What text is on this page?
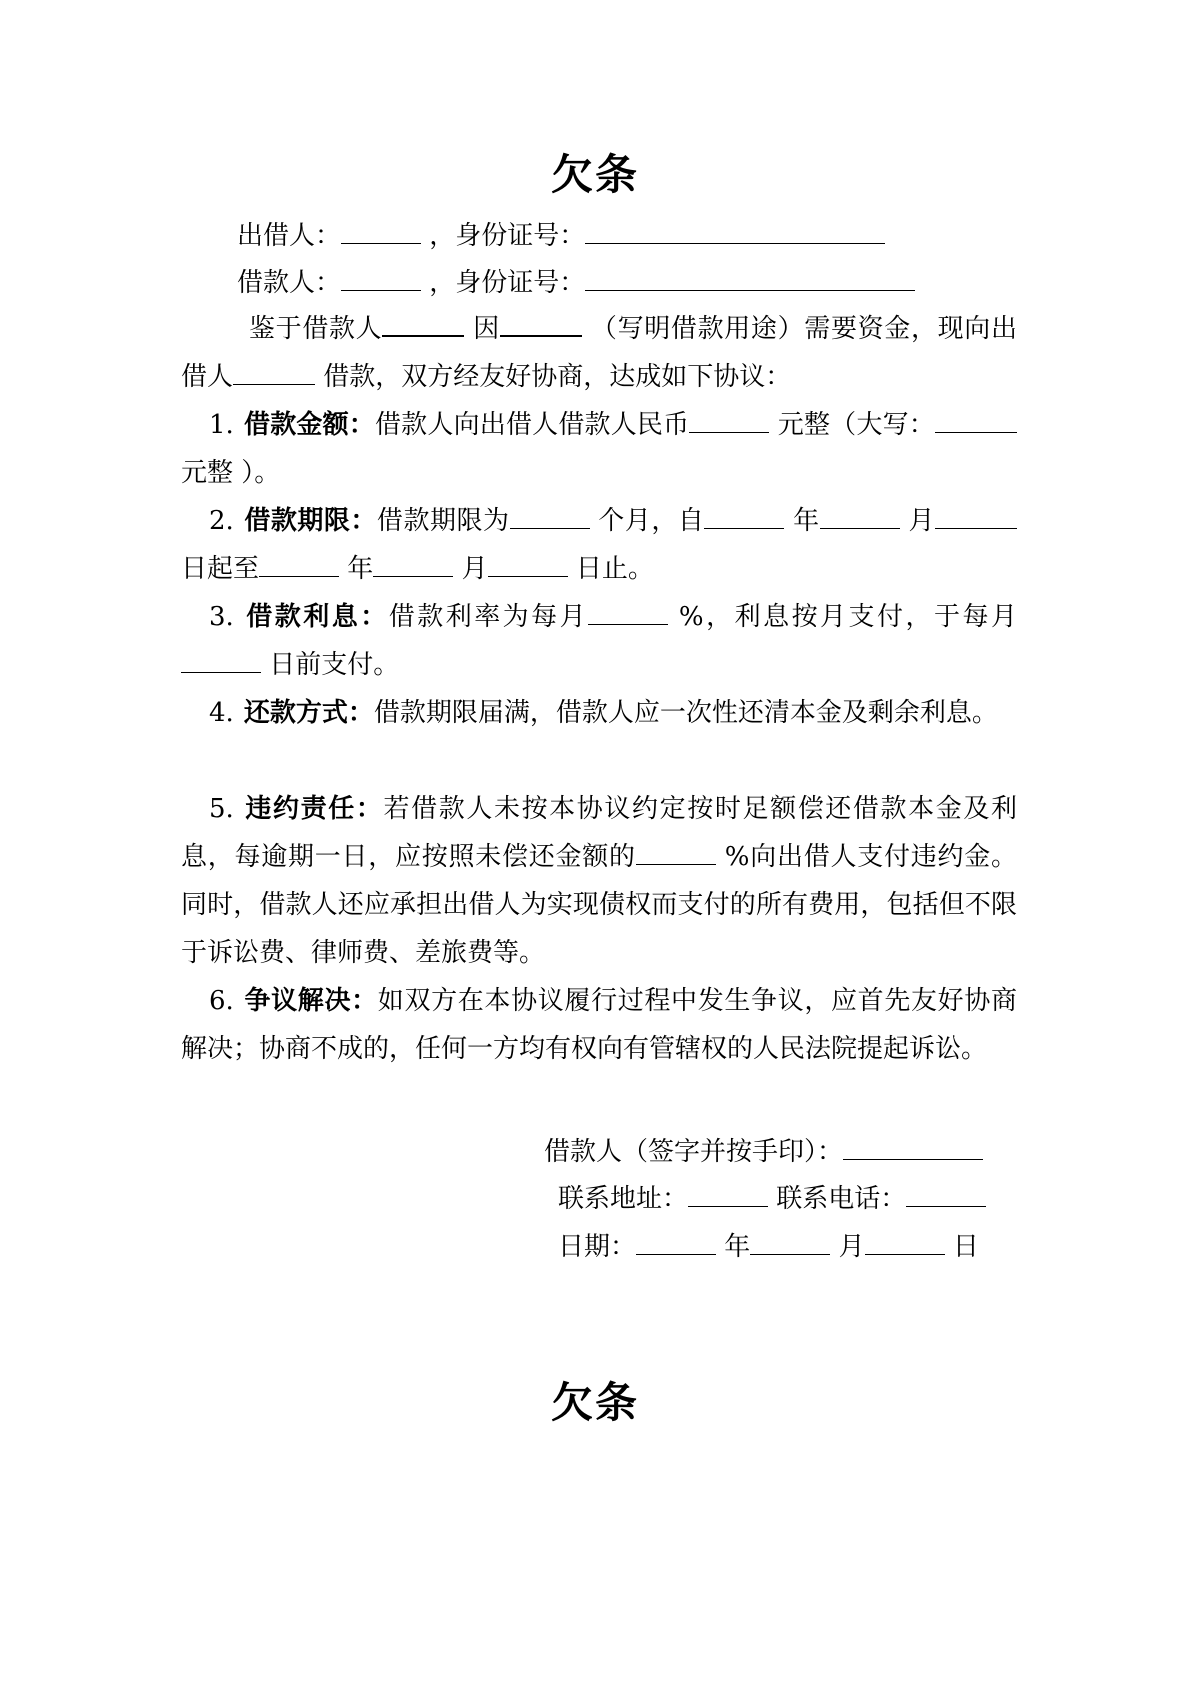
欠条
出借人：	，身份证号：
借款人：	，身份证号：
鉴于借款人	因	（写明借款用途）需要资金，现向出借人	借款，双方经友好协商，达成如下协议：
1. 借款金额：借款人向出借人借款人民币	元整（大写： 元整 ）。
2. 借款期限：借款期限为	个月，自	年	月 日起至	年	月	日止。
3. 借款利息：借款利率为每月	%，利息按月支付，于每月 日前支付。
4. 还款方式：借款期限届满，借款人应一次性还清本金及剩余利息。
5. 违约责任：若借款人未按本协议约定按时足额偿还借款本金及利息，每逾期一日，应按照未偿还金额的	%向出借人支付违约金。同时，借款人还应承担出借人为实现债权而支付的所有费用，包括但不限于诉讼费、律师费、差旅费等。
6. 争议解决：如双方在本协议履行过程中发生争议，应首先友好协商解决；协商不成的，任何一方均有权向有管辖权的人民法院提起诉讼。
借款人（签字并按手印）：
联系地址：	联系电话：
日期：	年	月	日
欠条
